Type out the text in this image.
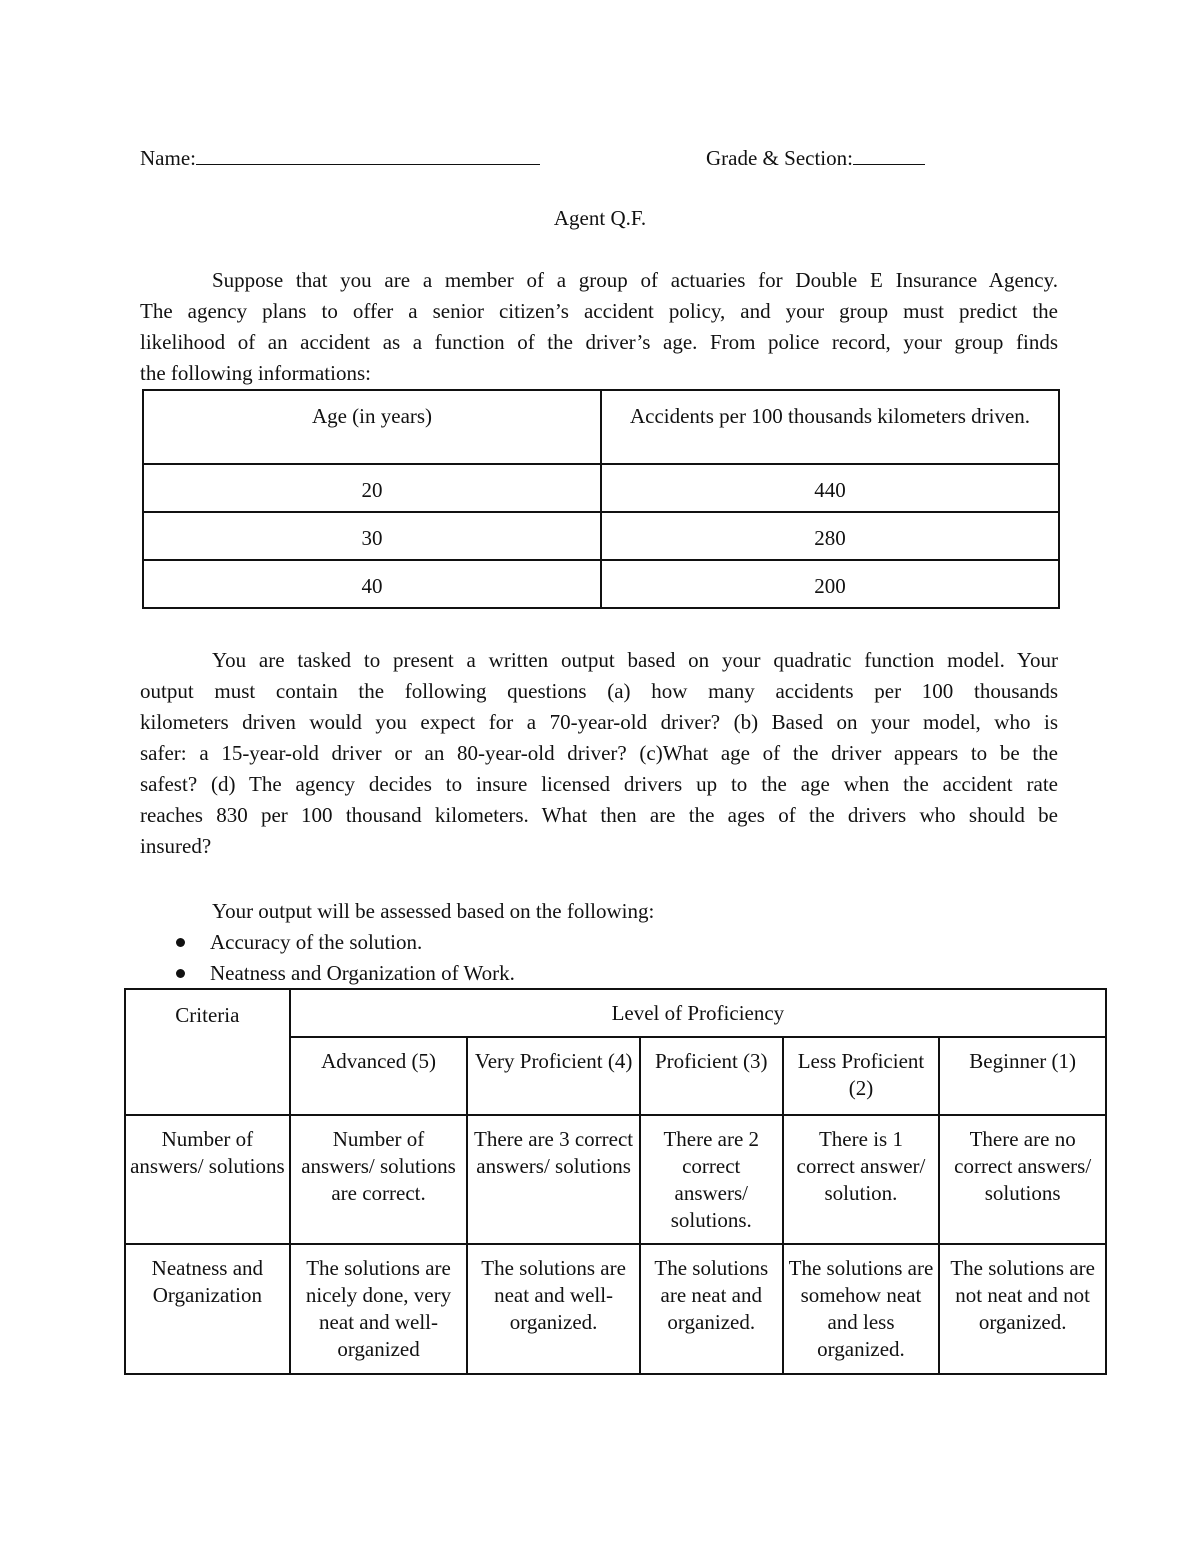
Name:	Grade & Section:
Agent Q.F.
Suppose that you are a member of a group of actuaries for Double E Insurance Agency.
The agency plans to offer a senior citizen’s accident policy, and your group must predict the
likelihood of an accident as a function of the driver’s age. From police record, your group finds
the following informations:
Age (in years)	Accidents per 100 thousands kilometers driven.
20	440
30	280
40	200
You are tasked to present a written output based on your quadratic function model. Your
output must contain the following questions (a) how many accidents per 100 thousands
kilometers driven would you expect for a 70-year-old driver? (b) Based on your model, who is
safer: a 15-year-old driver or an 80-year-old driver? (c)What age of the driver appears to be the
safest? (d) The agency decides to insure licensed drivers up to the age when the accident rate
reaches 830 per 100 thousand kilometers. What then are the ages of the drivers who should be
insured?
Your output will be assessed based on the following:
Accuracy of the solution.
Neatness and Organization of Work.
Criteria	Level of Proficiency				
	Advanced (5)	Very Proficient (4)	Proficient (3)	Less Proficient (2)	Beginner (1)
Number of answers/ solutions	Number of answers/ solutions are correct.	There are 3 correct answers/ solutions	There are 2 correct answers/ solutions.	There is 1 correct answer/ solution.	There are no correct answers/ solutions
Neatness and Organization	The solutions are nicely done, very neat and well-organized	The solutions are neat and well-organized.	The solutions are neat and organized.	The solutions are somehow neat and less organized.	The solutions are not neat and not organized.
